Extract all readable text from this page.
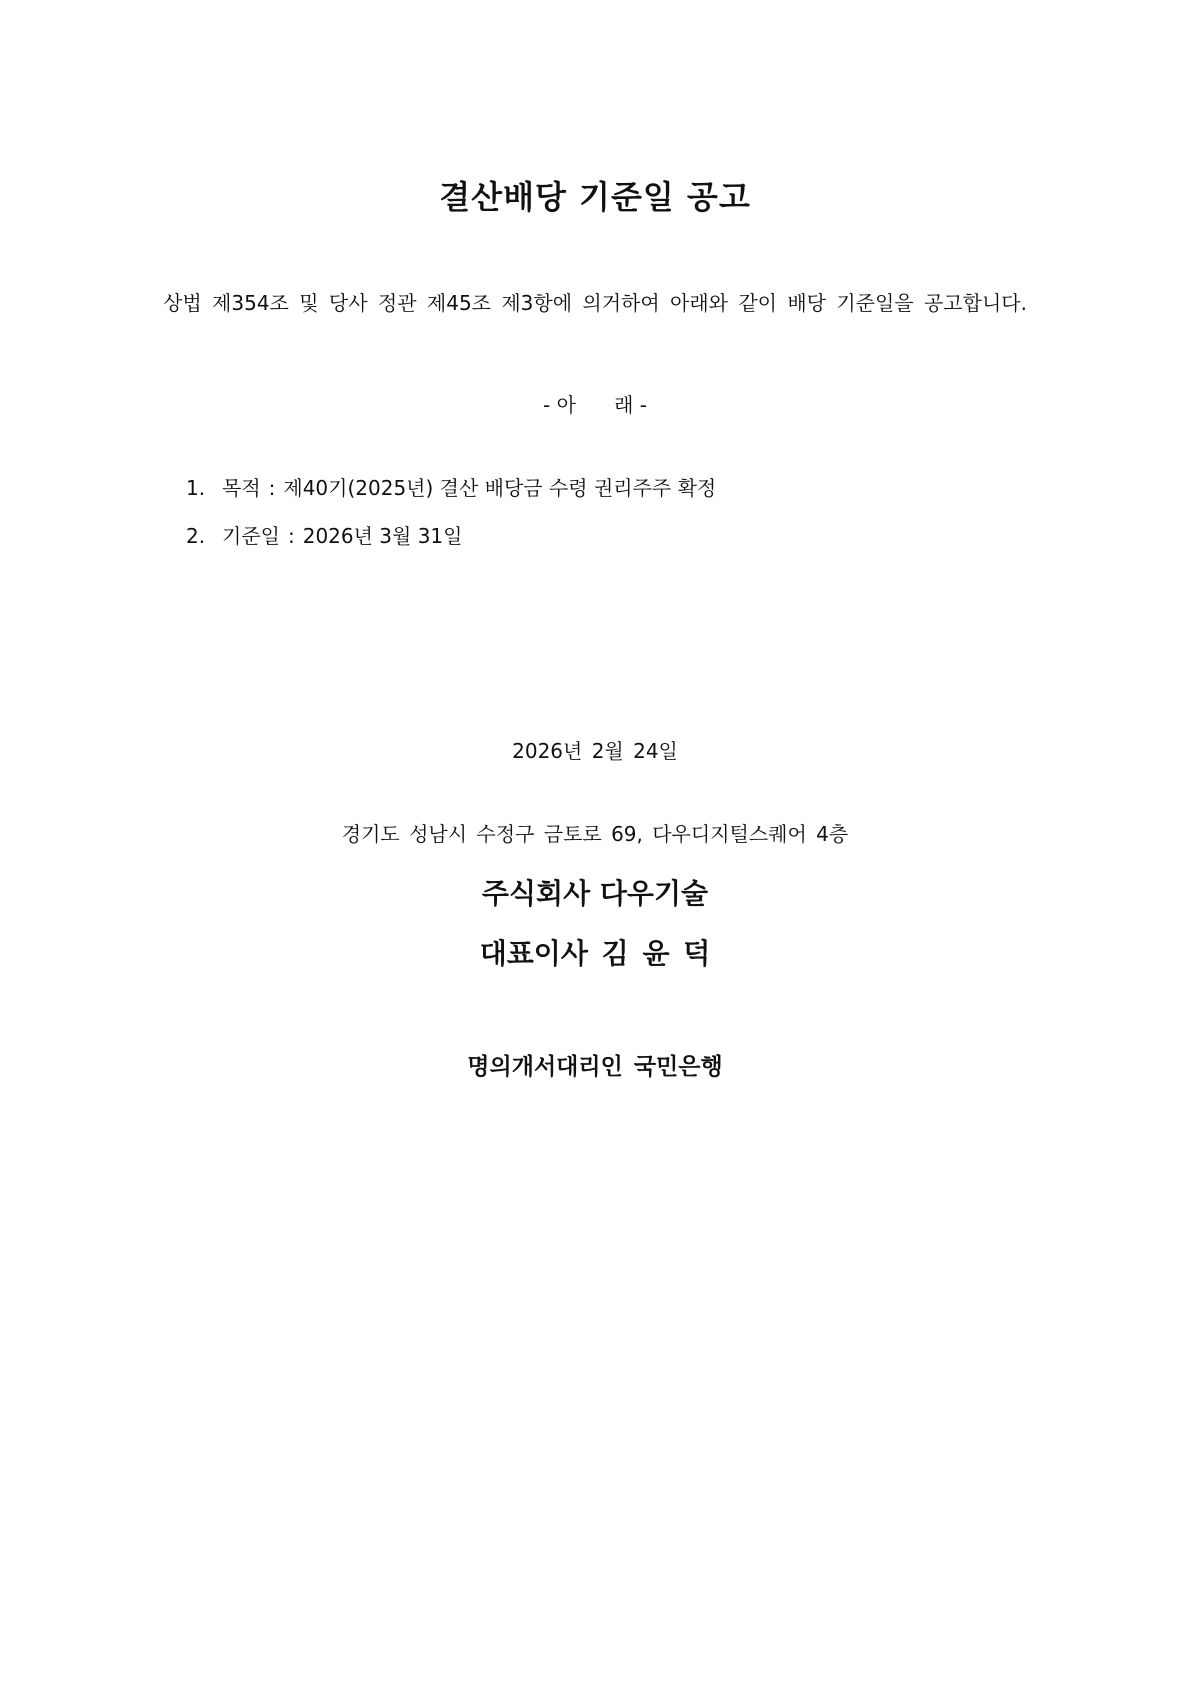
결산배당 기준일 공고

상법 제354조 및 당사 정관 제45조 제3항에 의거하여 아래와 같이 배당 기준일을 공고합니다.

- 아      래 -

1. 목적 : 제40기(2025년) 결산 배당금 수령 권리주주 확정
2. 기준일 : 2026년 3월 31일

2026년 2월 24일

경기도 성남시 수정구 금토로 69, 다우디지털스퀘어 4층

주식회사 다우기술

대표이사 김 윤 덕

명의개서대리인 국민은행
